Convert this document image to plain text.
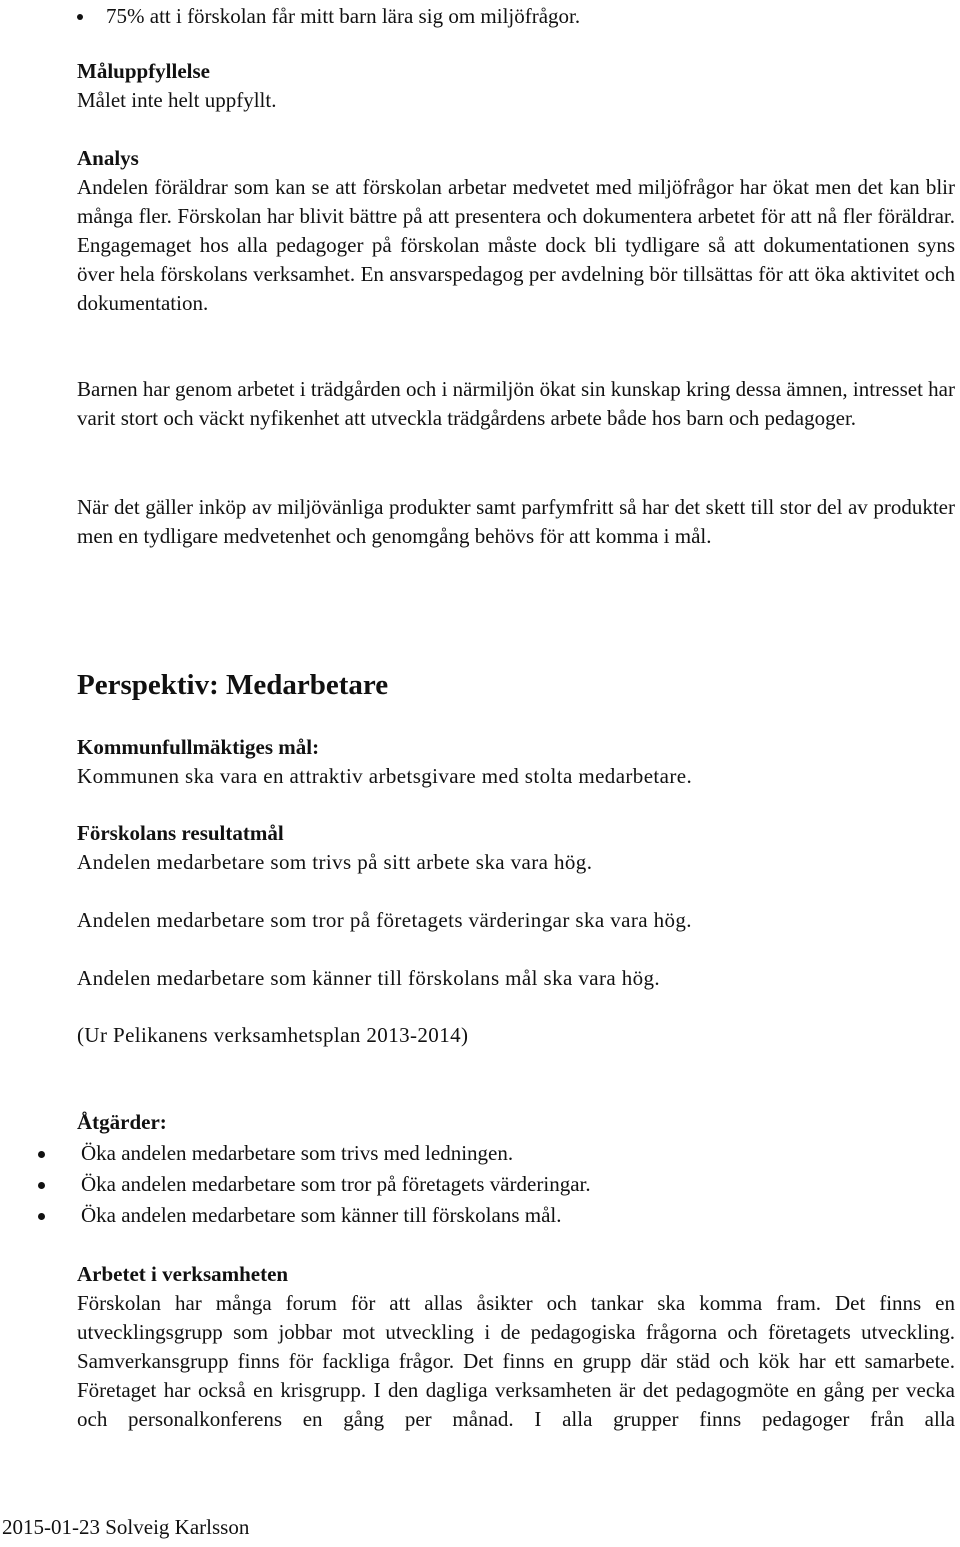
75% att i förskolan får mitt barn lära sig om miljöfrågor.
Måluppfyllelse

Målet inte helt uppfyllt.

Analys

Andelen föräldrar som kan se att förskolan arbetar medvetet med miljöfrågor har ökat men det kan blir många fler. Förskolan har blivit bättre på att presentera och dokumentera arbetet för att nå fler föräldrar. Engagemaget hos alla pedagoger på förskolan måste dock bli tydligare så att dokumentationen syns över hela förskolans verksamhet. En ansvarspedagog per avdelning bör tillsättas för att öka aktivitet och dokumentation.

Barnen har genom arbetet i trädgården och i närmiljön ökat sin kunskap kring dessa ämnen, intresset har varit stort och väckt nyfikenhet att utveckla trädgårdens arbete både hos barn och pedagoger.

När det gäller inköp av miljövänliga produkter samt parfymfritt så har det skett till stor del av produkter men en tydligare medvetenhet och genomgång behövs för att komma i mål.

Perspektiv: Medarbetare
Kommunfullmäktiges mål:
Kommunen ska vara en attraktiv arbetsgivare med stolta medarbetare.
Förskolans resultatmål
Andelen medarbetare som trivs på sitt arbete ska vara hög.
Andelen medarbetare som tror på företagets värderingar ska vara hög.
Andelen medarbetare som känner till förskolans mål ska vara hög.
(Ur Pelikanens verksamhetsplan 2013-2014)
Åtgärder:
Öka andelen medarbetare som trivs med ledningen.
Öka andelen medarbetare som tror på företagets värderingar.
Öka andelen medarbetare som känner till förskolans mål.
Arbetet i verksamheten

Förskolan har många forum för att allas åsikter och tankar ska komma fram. Det finns en utvecklingsgrupp som jobbar mot utveckling i de pedagogiska frågorna och företagets utveckling. Samverkansgrupp finns för fackliga frågor. Det finns en grupp där städ och kök har ett samarbete. Företaget har också en krisgrupp. I den dagliga verksamheten är det pedagogmöte en gång per vecka och personalkonferens en gång per månad. I alla grupper finns pedagoger från alla

2015-01-23 Solveig Karlsson
